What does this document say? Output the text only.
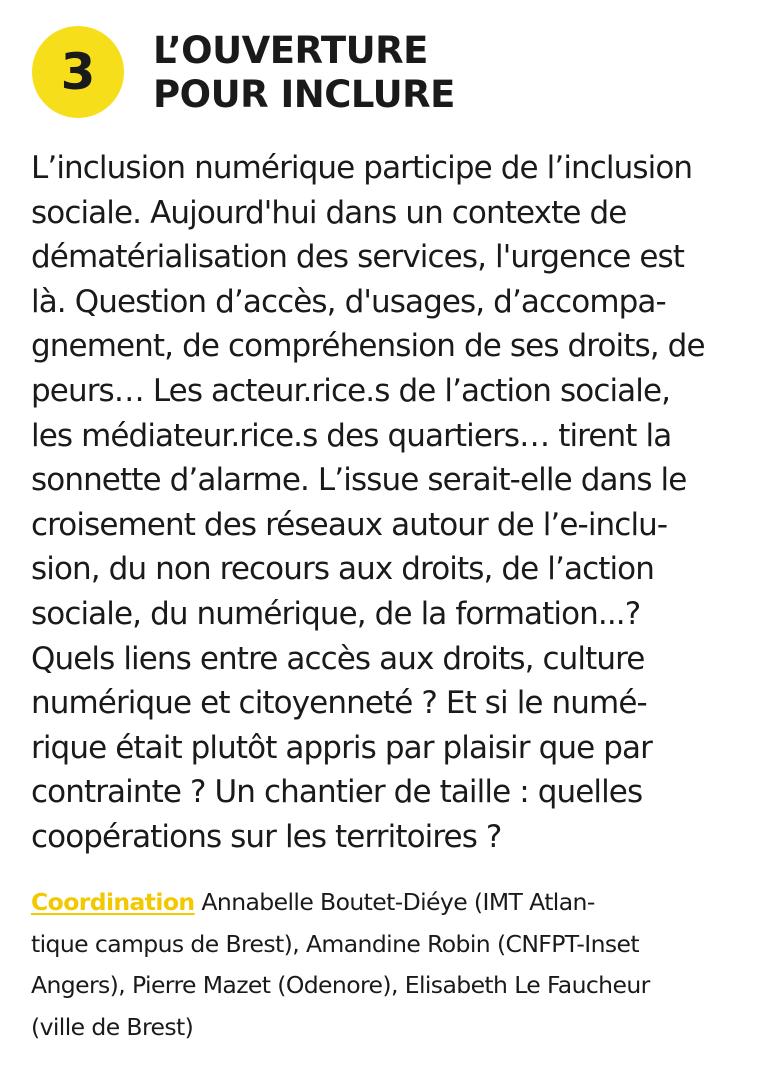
3 L’OUVERTURE
POUR INCLURE

L’inclusion numérique participe de l’inclusion
sociale. Aujourd'hui dans un contexte de
dématérialisation des services, l'urgence est
là. Question d’accès, d'usages, d’accompa-
gnement, de compréhension de ses droits, de
peurs… Les acteur.rice.s de l’action sociale,
les médiateur.rice.s des quartiers… tirent la
sonnette d’alarme. L’issue serait-elle dans le
croisement des réseaux autour de l’e-inclu-
sion, du non recours aux droits, de l’action
sociale, du numérique, de la formation...?
Quels liens entre accès aux droits, culture
numérique et citoyenneté ? Et si le numé-
rique était plutôt appris par plaisir que par
contrainte ? Un chantier de taille : quelles
coopérations sur les territoires ?

Coordination Annabelle Boutet-Diéye (IMT Atlan-
tique campus de Brest), Amandine Robin (CNFPT-Inset
Angers), Pierre Mazet (Odenore), Elisabeth Le Faucheur
(ville de Brest)
